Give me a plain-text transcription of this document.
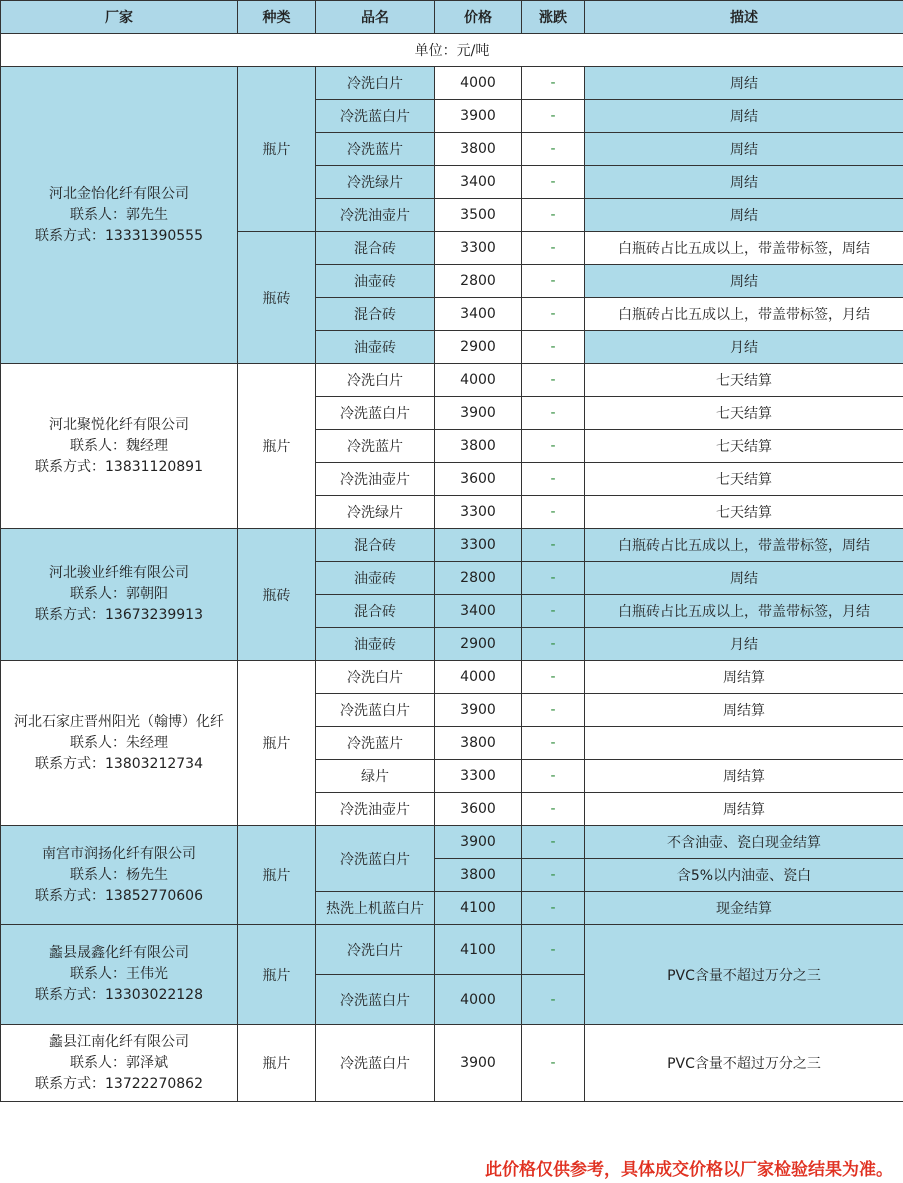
厂家	种类	品名	价格	涨跌	描述
单位：元/吨					

河北金怡化纤有限公司
联系人：郭先生
联系方式：13331390555	瓶片	冷洗白片	4000	-	周结
		冷洗蓝白片	3900	-	周结
		冷洗蓝片	3800	-	周结
		冷洗绿片	3400	-	周结
		冷洗油壶片	3500	-	周结
	瓶砖	混合砖	3300	-	白瓶砖占比五成以上，带盖带标签，周结
		油壶砖	2800	-	周结
		混合砖	3400	-	白瓶砖占比五成以上，带盖带标签，月结
		油壶砖	2900	-	月结

河北聚悦化纤有限公司
联系人：魏经理
联系方式：13831120891	瓶片	冷洗白片	4000	-	七天结算
		冷洗蓝白片	3900	-	七天结算
		冷洗蓝片	3800	-	七天结算
		冷洗油壶片	3600	-	七天结算
		冷洗绿片	3300	-	七天结算

河北骏业纤维有限公司
联系人：郭朝阳
联系方式：13673239913	瓶砖	混合砖	3300	-	白瓶砖占比五成以上，带盖带标签，周结
		油壶砖	2800	-	周结
		混合砖	3400	-	白瓶砖占比五成以上，带盖带标签，月结
		油壶砖	2900	-	月结

河北石家庄晋州阳光（翰博）化纤
联系人：朱经理
联系方式：13803212734	瓶片	冷洗白片	4000	-	周结算
		冷洗蓝白片	3900	-	周结算
		冷洗蓝片	3800	-	
		绿片	3300	-	周结算
		冷洗油壶片	3600	-	周结算

南宫市润扬化纤有限公司
联系人：杨先生
联系方式：13852770606	瓶片	冷洗蓝白片	3900	-	不含油壶、瓷白现金结算
			3800	-	含5%以内油壶、瓷白
		热洗上机蓝白片	4100	-	现金结算

蠡县晟鑫化纤有限公司
联系人：王伟光
联系方式：13303022128	瓶片	冷洗白片	4100	-	PVC含量不超过万分之三
		冷洗蓝白片	4000	-	

蠡县江南化纤有限公司
联系人：郭泽斌
联系方式：13722270862	瓶片	冷洗蓝白片	3900	-	PVC含量不超过万分之三
此价格仅供参考，具体成交价格以厂家检验结果为准。
